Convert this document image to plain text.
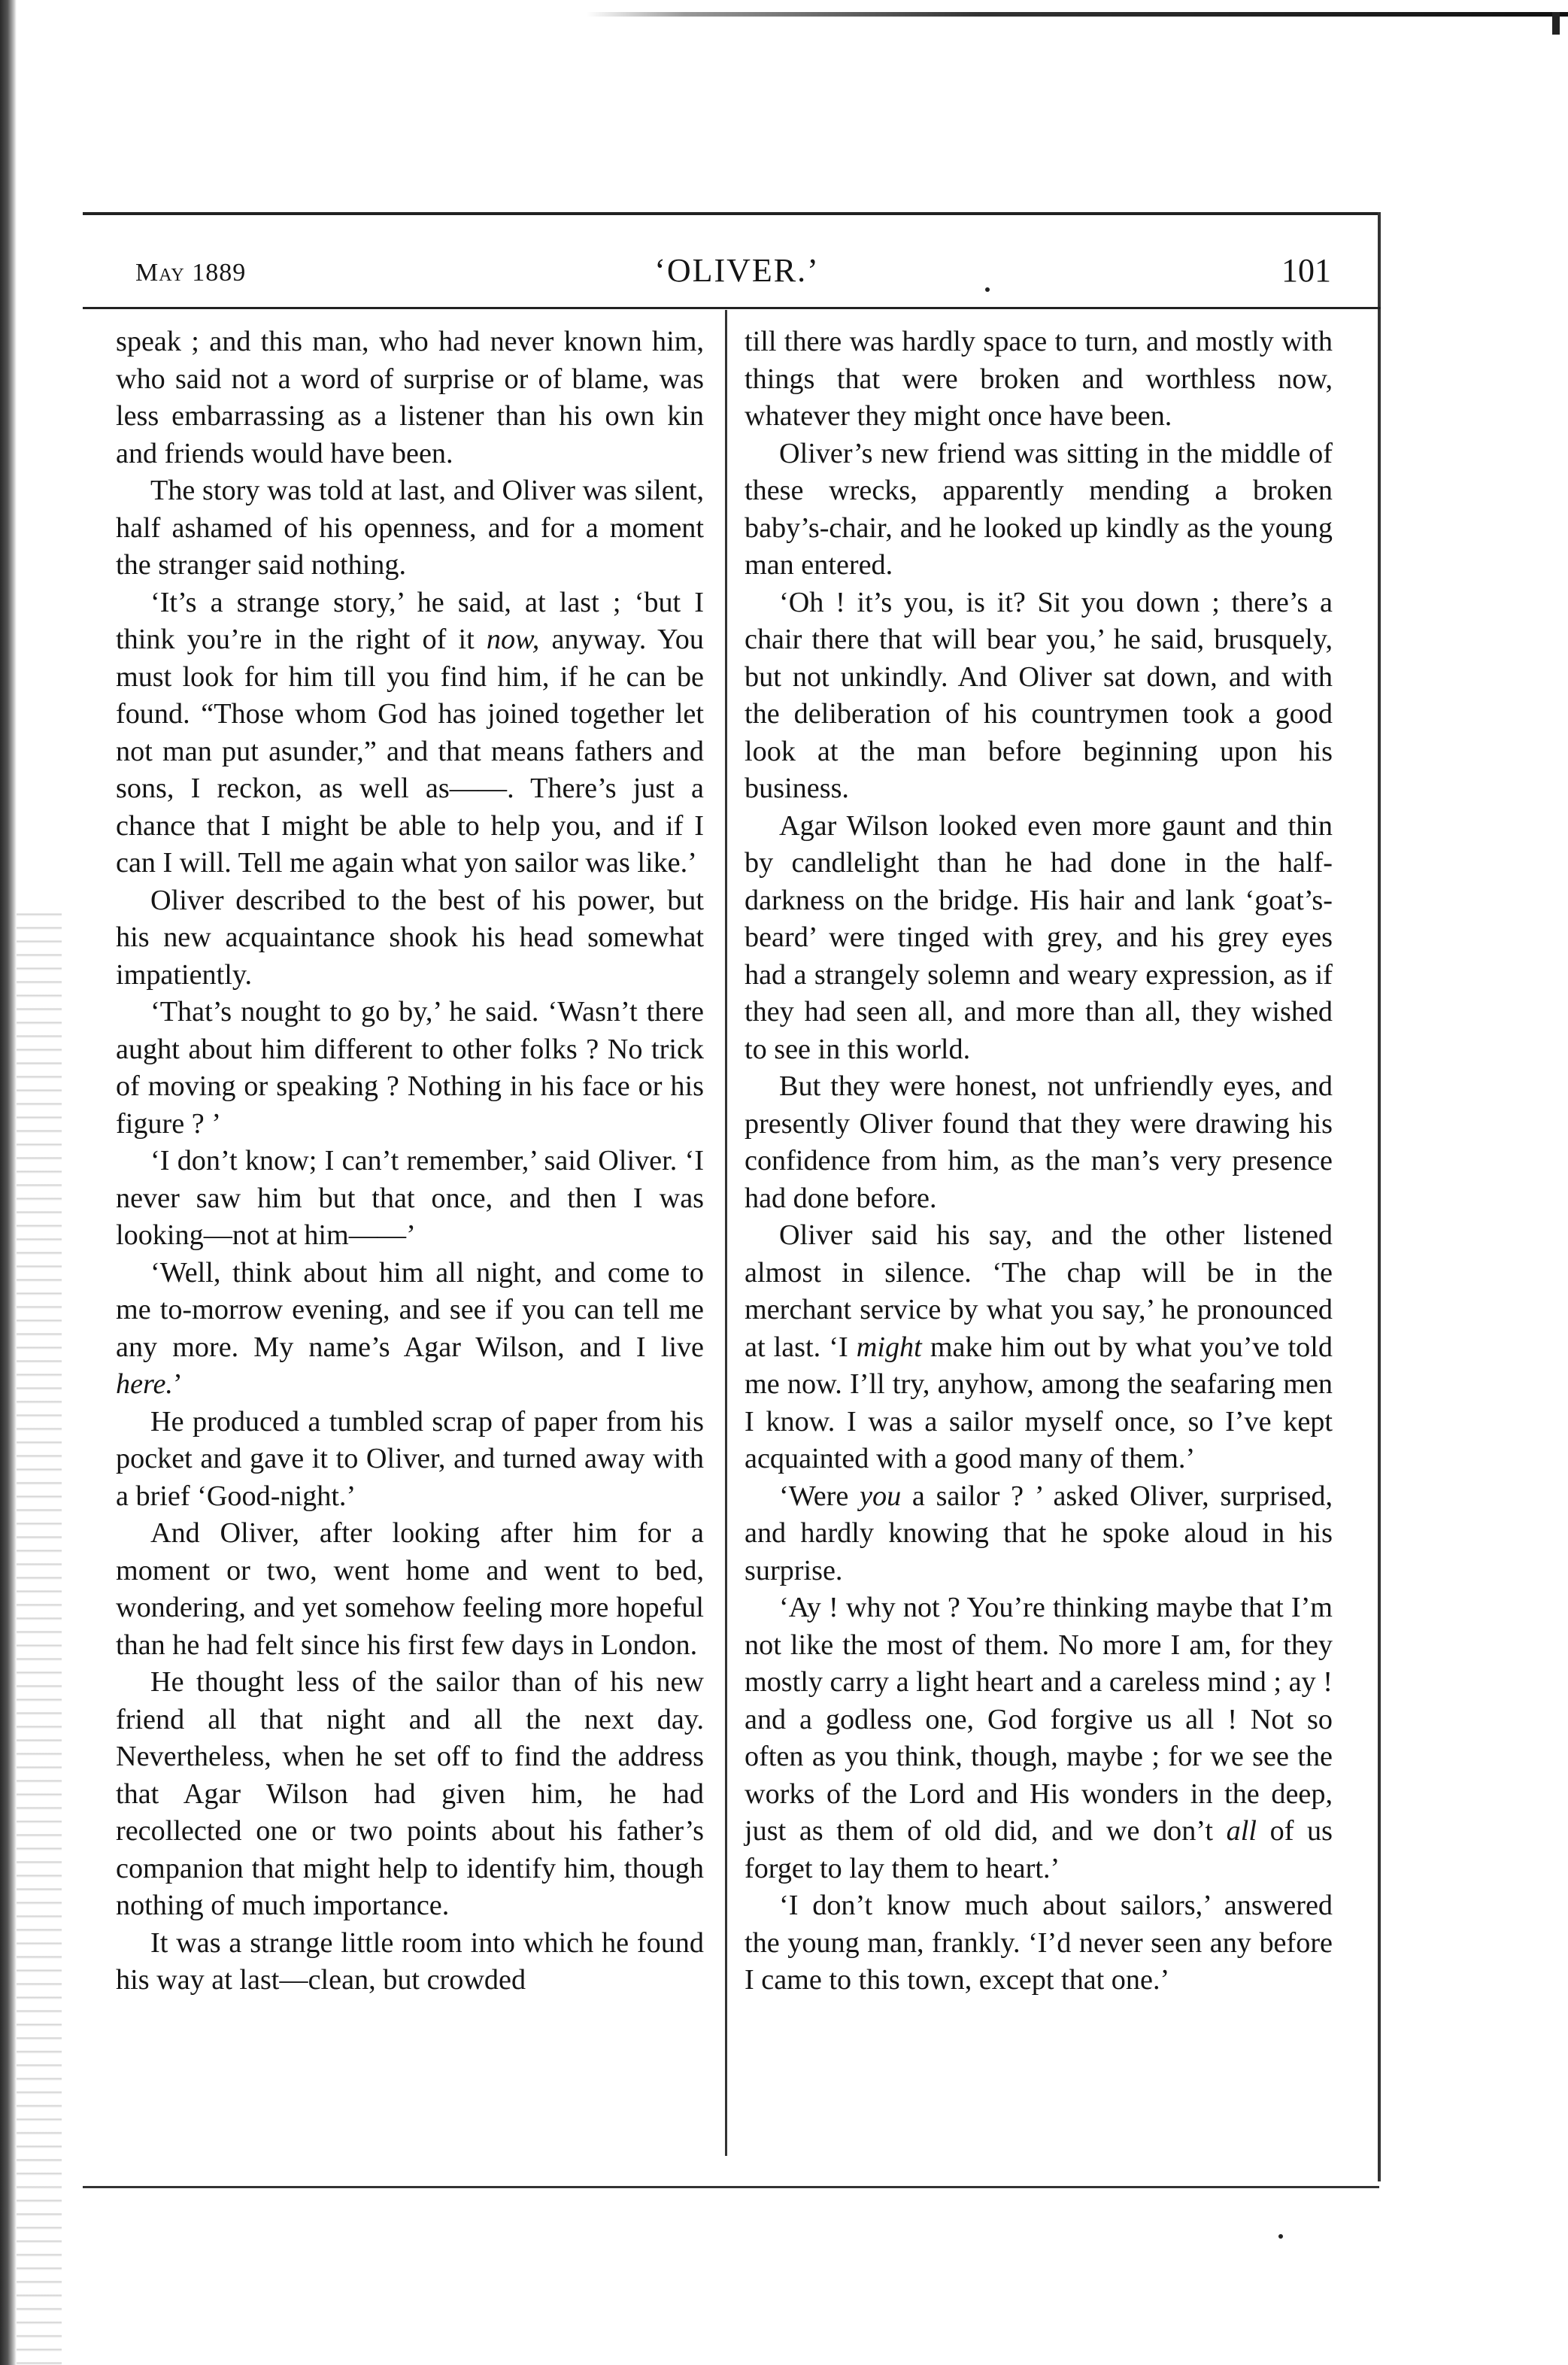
May 1889	‘OLIVER.’	101

speak ; and this man, who had never known him, who said not a word of surprise or of blame, was less embarrassing as a listener than his own kin and friends would have been.

The story was told at last, and Oliver was silent, half ashamed of his openness, and for a moment the stranger said nothing.

‘It’s a strange story,’ he said, at last ; ‘but I think you’re in the right of it now, anyway. You must look for him till you find him, if he can be found. “Those whom God has joined together let not man put asunder,” and that means fathers and sons, I reckon, as well as——. There’s just a chance that I might be able to help you, and if I can I will. Tell me again what yon sailor was like.’

Oliver described to the best of his power, but his new acquaintance shook his head somewhat impatiently.

‘That’s nought to go by,’ he said. ‘Wasn’t there aught about him different to other folks ? No trick of moving or speaking ? Nothing in his face or his figure ? ’

‘I don’t know; I can’t remember,’ said Oliver. ‘I never saw him but that once, and then I was looking—not at him——’

‘Well, think about him all night, and come to me to-morrow evening, and see if you can tell me any more. My name’s Agar Wilson, and I live here.’

He produced a tumbled scrap of paper from his pocket and gave it to Oliver, and turned away with a brief ‘Good-night.’

And Oliver, after looking after him for a moment or two, went home and went to bed, wondering, and yet somehow feeling more hopeful than he had felt since his first few days in London.

He thought less of the sailor than of his new friend all that night and all the next day. Nevertheless, when he set off to find the address that Agar Wilson had given him, he had recollected one or two points about his father’s companion that might help to identify him, though nothing of much importance.

It was a strange little room into which he found his way at last—clean, but crowded

till there was hardly space to turn, and mostly with things that were broken and worthless now, whatever they might once have been.

Oliver’s new friend was sitting in the middle of these wrecks, apparently mending a broken baby’s-chair, and he looked up kindly as the young man entered.

‘Oh ! it’s you, is it? Sit you down ; there’s a chair there that will bear you,’ he said, brusquely, but not unkindly. And Oliver sat down, and with the deliberation of his countrymen took a good look at the man before beginning upon his business.

Agar Wilson looked even more gaunt and thin by candlelight than he had done in the half-darkness on the bridge. His hair and lank ‘goat’s-beard’ were tinged with grey, and his grey eyes had a strangely solemn and weary expression, as if they had seen all, and more than all, they wished to see in this world.

But they were honest, not unfriendly eyes, and presently Oliver found that they were drawing his confidence from him, as the man’s very presence had done before.

Oliver said his say, and the other listened almost in silence. ‘The chap will be in the merchant service by what you say,’ he pronounced at last. ‘I might make him out by what you’ve told me now. I’ll try, anyhow, among the seafaring men I know. I was a sailor myself once, so I’ve kept acquainted with a good many of them.’

‘Were you a sailor ? ’ asked Oliver, surprised, and hardly knowing that he spoke aloud in his surprise.

‘Ay ! why not ? You’re thinking maybe that I’m not like the most of them. No more I am, for they mostly carry a light heart and a careless mind ; ay ! and a godless one, God forgive us all ! Not so often as you think, though, maybe ; for we see the works of the Lord and His wonders in the deep, just as them of old did, and we don’t all of us forget to lay them to heart.’

‘I don’t know much about sailors,’ answered the young man, frankly. ‘I’d never seen any before I came to this town, except that one.’
